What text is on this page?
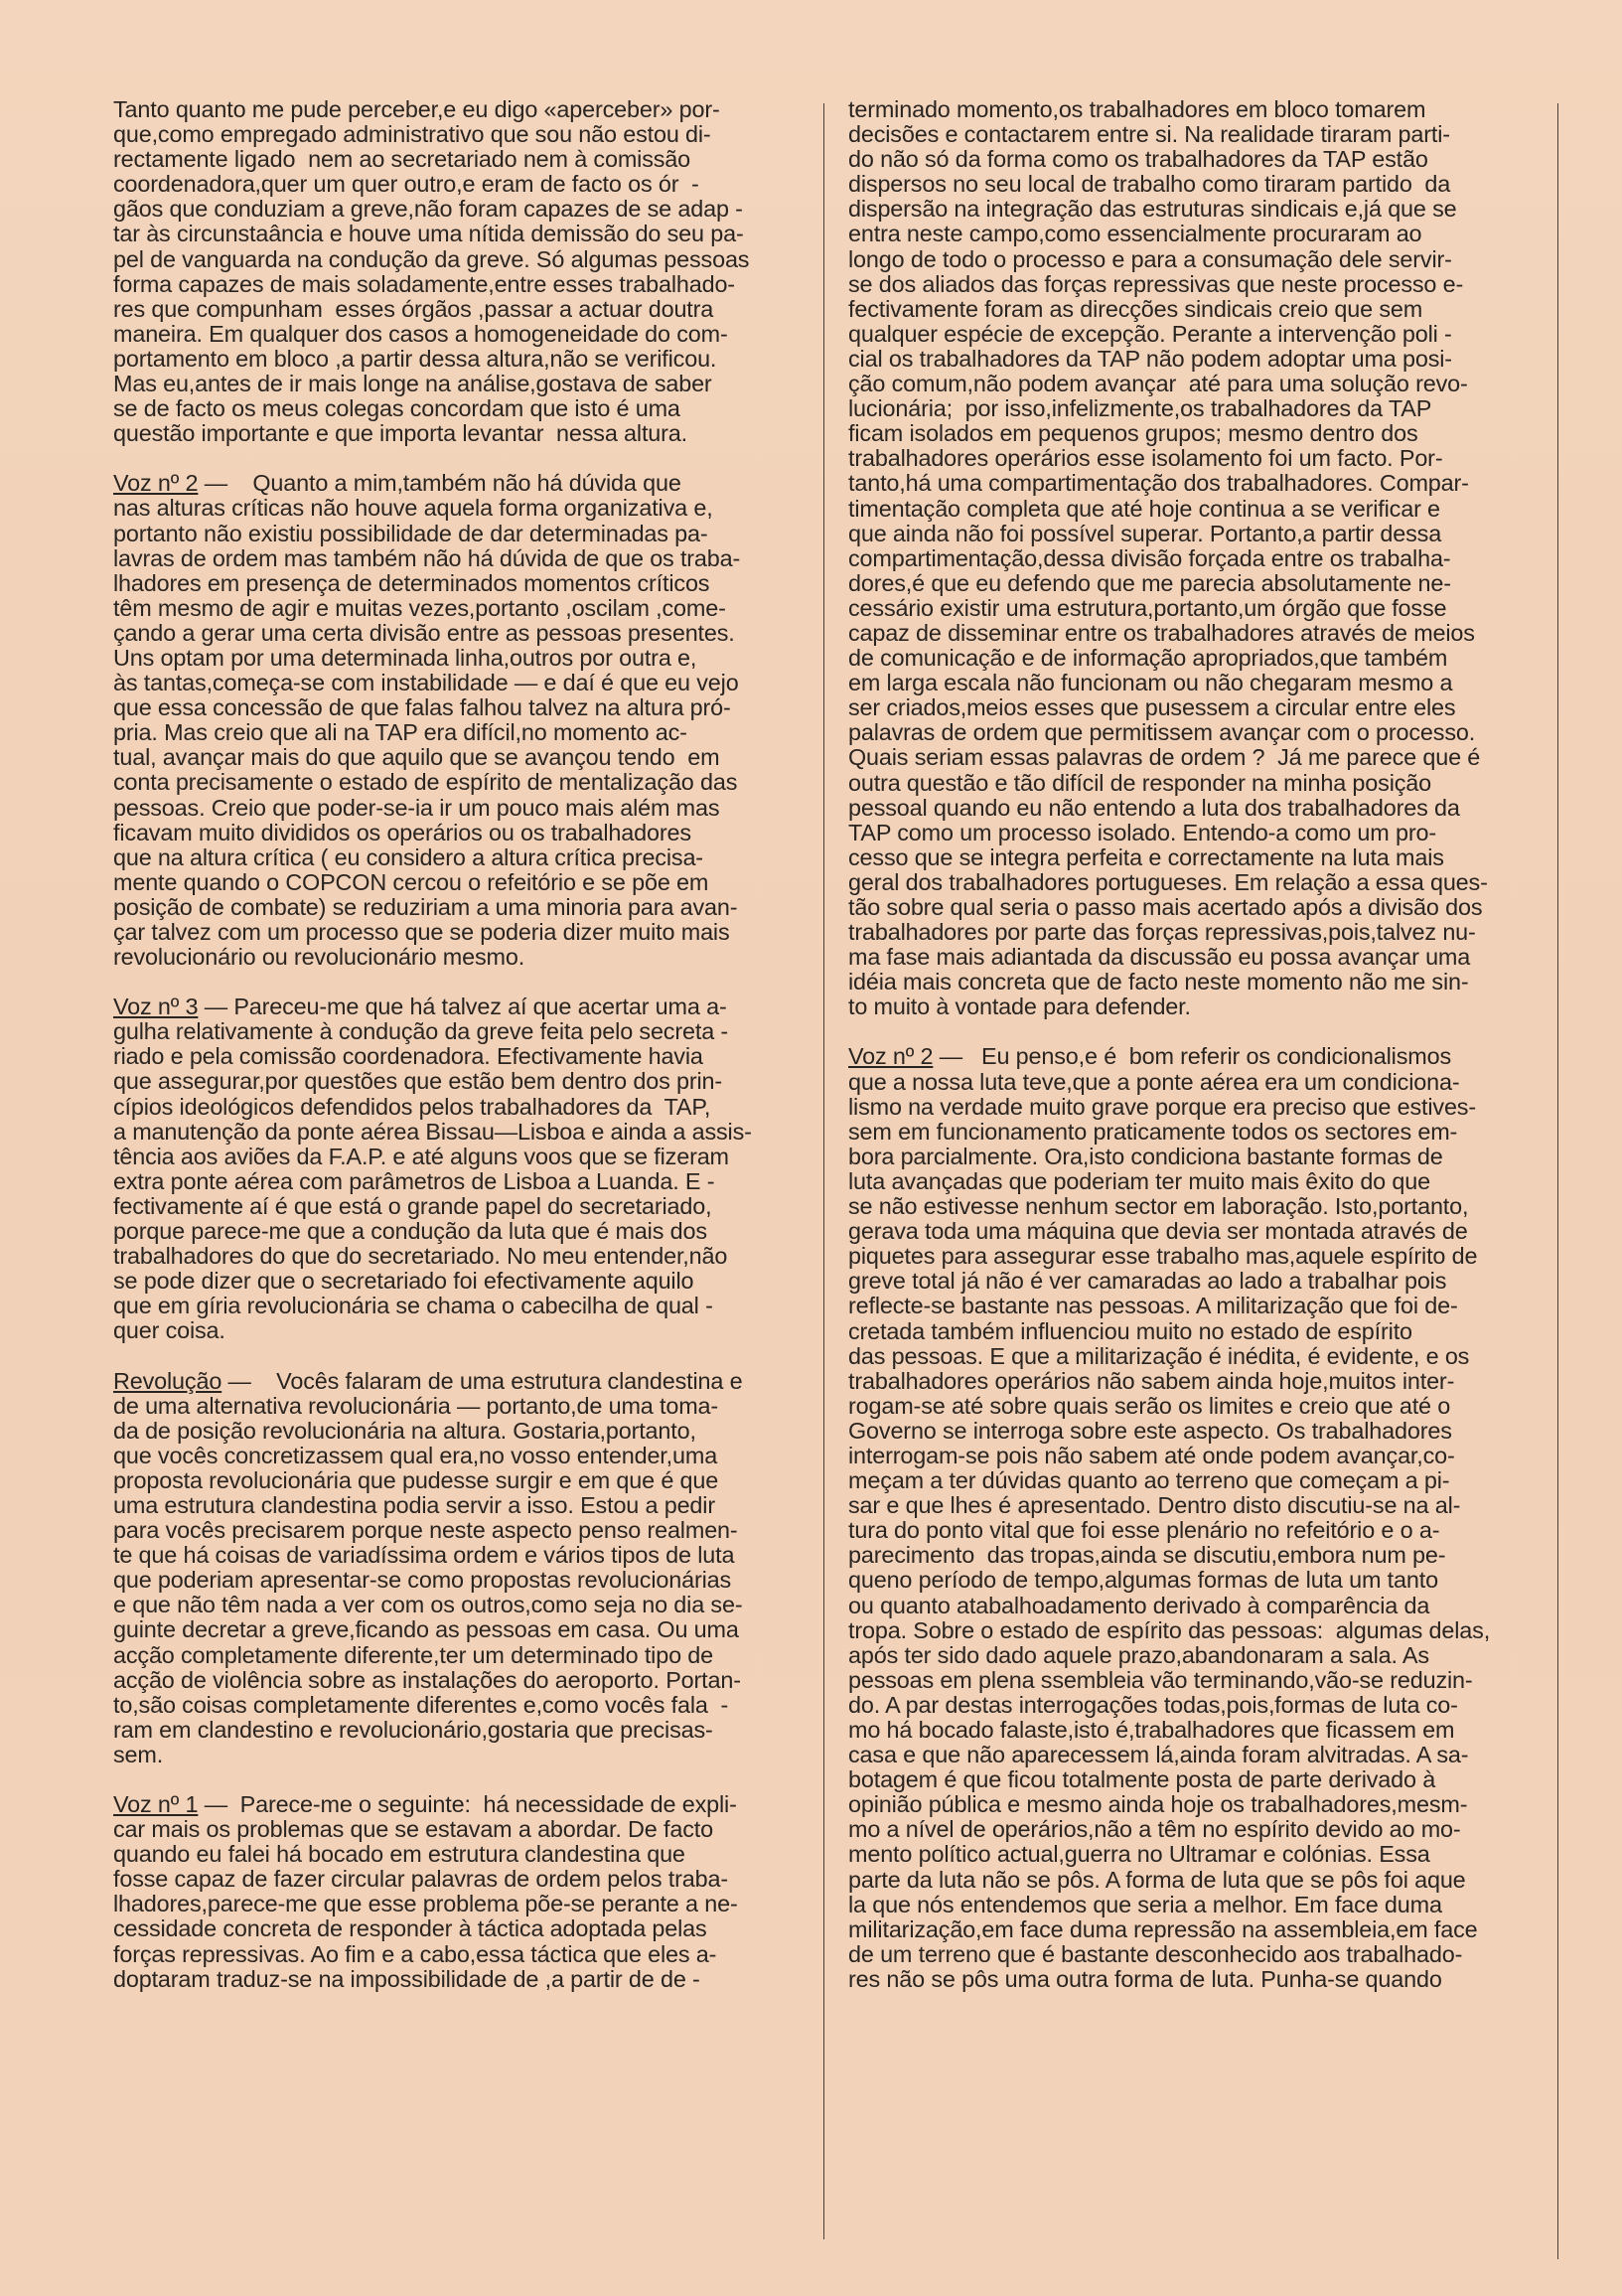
Tanto quanto me pude perceber,e eu digo «aperceber» por-
que,como empregado administrativo que sou não estou di-
rectamente ligado  nem ao secretariado nem à comissão
coordenadora,quer um quer outro,e eram de facto os ór  -
gãos que conduziam a greve,não foram capazes de se adap -
tar às circunstaância e houve uma nítida demissão do seu pa-
pel de vanguarda na condução da greve. Só algumas pessoas
forma capazes de mais soladamente,entre esses trabalhado-
res que compunham  esses órgãos ,passar a actuar doutra
maneira. Em qualquer dos casos a homogeneidade do com-
portamento em bloco ,a partir dessa altura,não se verificou.
Mas eu,antes de ir mais longe na análise,gostava de saber
se de facto os meus colegas concordam que isto é uma
questão importante e que importa levantar  nessa altura.
Voz nº 2 —    Quanto a mim,também não há dúvida que
nas alturas críticas não houve aquela forma organizativa e,
portanto não existiu possibilidade de dar determinadas pa-
lavras de ordem mas também não há dúvida de que os traba-
lhadores em presença de determinados momentos críticos
têm mesmo de agir e muitas vezes,portanto ,oscilam ,come-
çando a gerar uma certa divisão entre as pessoas presentes.
Uns optam por uma determinada linha,outros por outra e,
às tantas,começa-se com instabilidade — e daí é que eu vejo
que essa concessão de que falas falhou talvez na altura pró-
pria. Mas creio que ali na TAP era difícil,no momento ac-
tual, avançar mais do que aquilo que se avançou tendo  em
conta precisamente o estado de espírito de mentalização das
pessoas. Creio que poder-se-ia ir um pouco mais além mas
ficavam muito divididos os operários ou os trabalhadores
que na altura crítica ( eu considero a altura crítica precisa-
mente quando o COPCON cercou o refeitório e se põe em
posição de combate) se reduziriam a uma minoria para avan-
çar talvez com um processo que se poderia dizer muito mais
revolucionário ou revolucionário mesmo.
Voz nº 3 — Pareceu-me que há talvez aí que acertar uma a-
gulha relativamente à condução da greve feita pelo secreta -
riado e pela comissão coordenadora. Efectivamente havia
que assegurar,por questões que estão bem dentro dos prin-
cípios ideológicos defendidos pelos trabalhadores da  TAP,
a manutenção da ponte aérea Bissau—Lisboa e ainda a assis-
tência aos aviões da F.A.P. e até alguns voos que se fizeram
extra ponte aérea com parâmetros de Lisboa a Luanda. E -
fectivamente aí é que está o grande papel do secretariado,
porque parece-me que a condução da luta que é mais dos
trabalhadores do que do secretariado. No meu entender,não
se pode dizer que o secretariado foi efectivamente aquilo
que em gíria revolucionária se chama o cabecilha de qual -
quer coisa.
Revolução —    Vocês falaram de uma estrutura clandestina e
de uma alternativa revolucionária — portanto,de uma toma-
da de posição revolucionária na altura. Gostaria,portanto,
que vocês concretizassem qual era,no vosso entender,uma
proposta revolucionária que pudesse surgir e em que é que
uma estrutura clandestina podia servir a isso. Estou a pedir
para vocês precisarem porque neste aspecto penso realmen-
te que há coisas de variadíssima ordem e vários tipos de luta
que poderiam apresentar-se como propostas revolucionárias
e que não têm nada a ver com os outros,como seja no dia se-
guinte decretar a greve,ficando as pessoas em casa. Ou uma
acção completamente diferente,ter um determinado tipo de
acção de violência sobre as instalações do aeroporto. Portan-
to,são coisas completamente diferentes e,como vocês fala  -
ram em clandestino e revolucionário,gostaria que precisas-
sem.
Voz nº 1 —  Parece-me o seguinte:  há necessidade de expli-
car mais os problemas que se estavam a abordar. De facto
quando eu falei há bocado em estrutura clandestina que
fosse capaz de fazer circular palavras de ordem pelos traba-
lhadores,parece-me que esse problema põe-se perante a ne-
cessidade concreta de responder à táctica adoptada pelas
forças repressivas. Ao fim e a cabo,essa táctica que eles a-
doptaram traduz-se na impossibilidade de ,a partir de de -
terminado momento,os trabalhadores em bloco tomarem
decisões e contactarem entre si. Na realidade tiraram parti-
do não só da forma como os trabalhadores da TAP estão
dispersos no seu local de trabalho como tiraram partido  da
dispersão na integração das estruturas sindicais e,já que se
entra neste campo,como essencialmente procuraram ao
longo de todo o processo e para a consumação dele servir-
se dos aliados das forças repressivas que neste processo e-
fectivamente foram as direcções sindicais creio que sem
qualquer espécie de excepção. Perante a intervenção poli -
cial os trabalhadores da TAP não podem adoptar uma posi-
ção comum,não podem avançar  até para uma solução revo-
lucionária;  por isso,infelizmente,os trabalhadores da TAP
ficam isolados em pequenos grupos; mesmo dentro dos
trabalhadores operários esse isolamento foi um facto. Por-
tanto,há uma compartimentação dos trabalhadores. Compar-
timentação completa que até hoje continua a se verificar e
que ainda não foi possível superar. Portanto,a partir dessa
compartimentação,dessa divisão forçada entre os trabalha-
dores,é que eu defendo que me parecia absolutamente ne-
cessário existir uma estrutura,portanto,um órgão que fosse
capaz de disseminar entre os trabalhadores através de meios
de comunicação e de informação apropriados,que também
em larga escala não funcionam ou não chegaram mesmo a
ser criados,meios esses que pusessem a circular entre eles
palavras de ordem que permitissem avançar com o processo.
Quais seriam essas palavras de ordem ?  Já me parece que é
outra questão e tão difícil de responder na minha posição
pessoal quando eu não entendo a luta dos trabalhadores da
TAP como um processo isolado. Entendo-a como um pro-
cesso que se integra perfeita e correctamente na luta mais
geral dos trabalhadores portugueses. Em relação a essa ques-
tão sobre qual seria o passo mais acertado após a divisão dos
trabalhadores por parte das forças repressivas,pois,talvez nu-
ma fase mais adiantada da discussão eu possa avançar uma
idéia mais concreta que de facto neste momento não me sin-
to muito à vontade para defender.
Voz nº 2 —   Eu penso,e é  bom referir os condicionalismos
que a nossa luta teve,que a ponte aérea era um condiciona-
lismo na verdade muito grave porque era preciso que estives-
sem em funcionamento praticamente todos os sectores em-
bora parcialmente. Ora,isto condiciona bastante formas de
luta avançadas que poderiam ter muito mais êxito do que
se não estivesse nenhum sector em laboração. Isto,portanto,
gerava toda uma máquina que devia ser montada através de
piquetes para assegurar esse trabalho mas,aquele espírito de
greve total já não é ver camaradas ao lado a trabalhar pois
reflecte-se bastante nas pessoas. A militarização que foi de-
cretada também influenciou muito no estado de espírito
das pessoas. E que a militarização é inédita, é evidente, e os
trabalhadores operários não sabem ainda hoje,muitos inter-
rogam-se até sobre quais serão os limites e creio que até o
Governo se interroga sobre este aspecto. Os trabalhadores
interrogam-se pois não sabem até onde podem avançar,co-
meçam a ter dúvidas quanto ao terreno que começam a pi-
sar e que lhes é apresentado. Dentro disto discutiu-se na al-
tura do ponto vital que foi esse plenário no refeitório e o a-
parecimento  das tropas,ainda se discutiu,embora num pe-
queno período de tempo,algumas formas de luta um tanto
ou quanto atabalhoadamento derivado à comparência da
tropa. Sobre o estado de espírito das pessoas:  algumas delas,
após ter sido dado aquele prazo,abandonaram a sala. As
pessoas em plena ssembleia vão terminando,vão-se reduzin-
do. A par destas interrogações todas,pois,formas de luta co-
mo há bocado falaste,isto é,trabalhadores que ficassem em
casa e que não aparecessem lá,ainda foram alvitradas. A sa-
botagem é que ficou totalmente posta de parte derivado à
opinião pública e mesmo ainda hoje os trabalhadores,mesm-
mo a nível de operários,não a têm no espírito devido ao mo-
mento político actual,guerra no Ultramar e colónias. Essa
parte da luta não se pôs. A forma de luta que se pôs foi aque
la que nós entendemos que seria a melhor. Em face duma
militarização,em face duma repressão na assembleia,em face
de um terreno que é bastante desconhecido aos trabalhado-
res não se pôs uma outra forma de luta. Punha-se quando
